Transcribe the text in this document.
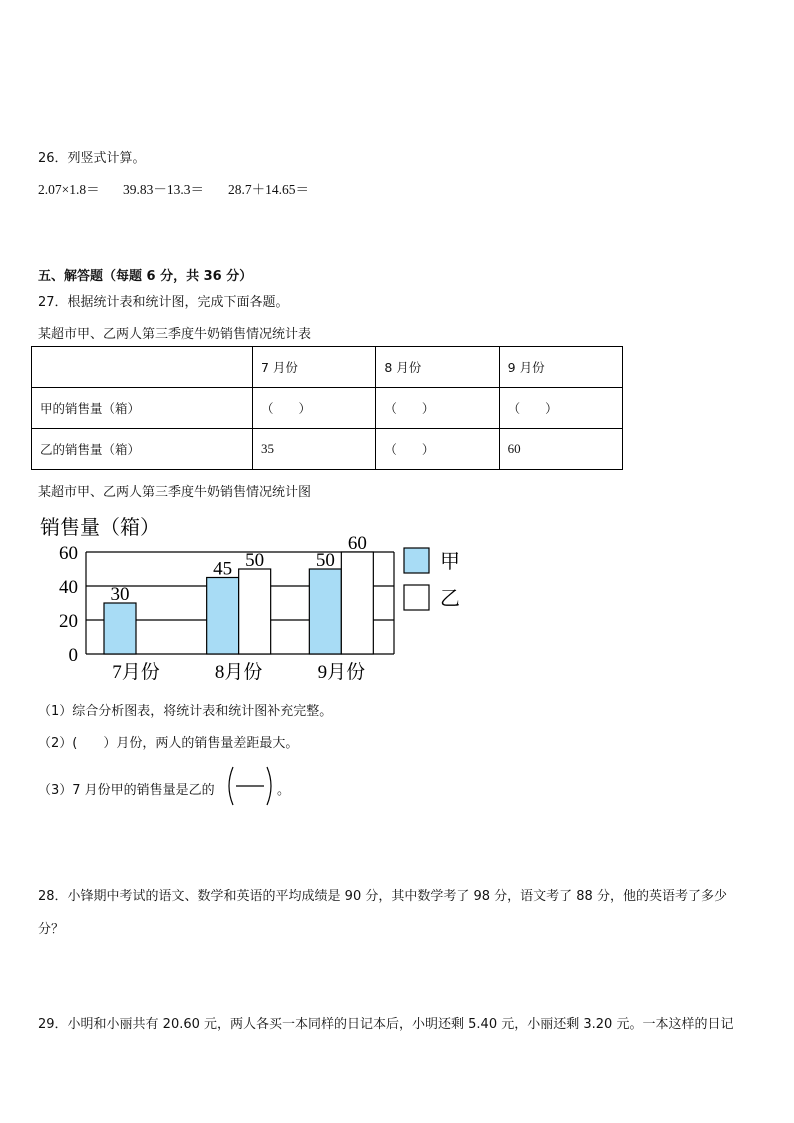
26．列竖式计算。
2.07×1.8＝ 39.83－13.3＝ 28.7＋14.65＝
五、解答题（每题 6 分，共 36 分）
27．根据统计表和统计图，完成下面各题。
某超市甲、乙两人第三季度牛奶销售情况统计表
	7 月份	8 月份	9 月份
甲的销售量（箱）	（　　）	（　　）	（　　）
乙的销售量（箱）	35	（　　）	60
某超市甲、乙两人第三季度牛奶销售情况统计图
销售量（箱）
0
20
40
60
30
7月份
45 50
8月份
50
60
9月份
甲
乙
（1）综合分析图表，将统计表和统计图补充完整。
（2）(　　）月份，两人的销售量差距最大。
（3）7 月份甲的销售量是乙的	。
28．小锋期中考试的语文、数学和英语的平均成绩是 90 分，其中数学考了 98 分，语文考了 88 分，他的英语考了多少
分？
29．小明和小丽共有 20.60 元，两人各买一本同样的日记本后，小明还剩 5.40 元，小丽还剩 3.20 元。一本这样的日记
